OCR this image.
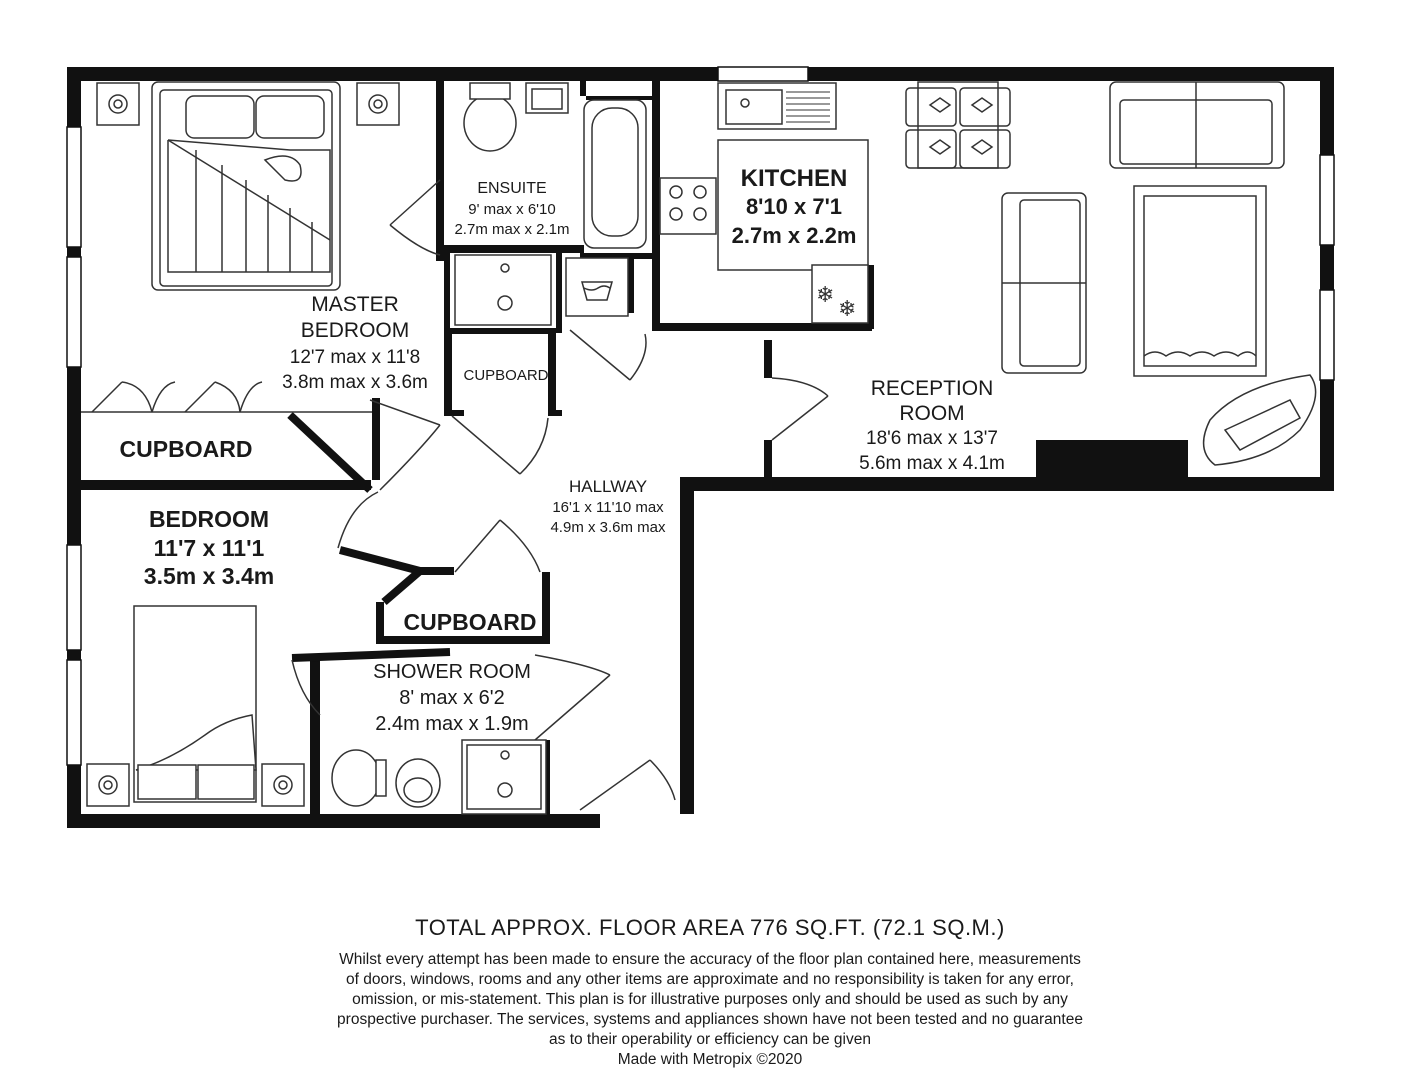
❄
❄
MASTER
BEDROOM
12'7 max x 11'8
3.8m max x 3.6m
ENSUITE
9' max x 6'10
2.7m max x 2.1m
KITCHEN
8'10 x 7'1
2.7m x 2.2m
RECEPTION
ROOM
18'6 max x 13'7
5.6m max x 4.1m
CUPBOARD
CUPBOARD
HALLWAY
16'1 x 11'10 max
4.9m x 3.6m max
BEDROOM
11'7 x 11'1
3.5m x 3.4m
CUPBOARD
SHOWER ROOM
8' max x 6'2
2.4m max x 1.9m
TOTAL APPROX. FLOOR AREA 776 SQ.FT. (72.1 SQ.M.)
Whilst every attempt has been made to ensure the accuracy of the floor plan contained here, measurements
of doors, windows, rooms and any other items are approximate and no responsibility is taken for any error,
omission, or mis-statement. This plan is for illustrative purposes only and should be used as such by any
prospective purchaser. The services, systems and appliances shown have not been tested and no guarantee
as to their operability or efficiency can be given
Made with Metropix ©2020
